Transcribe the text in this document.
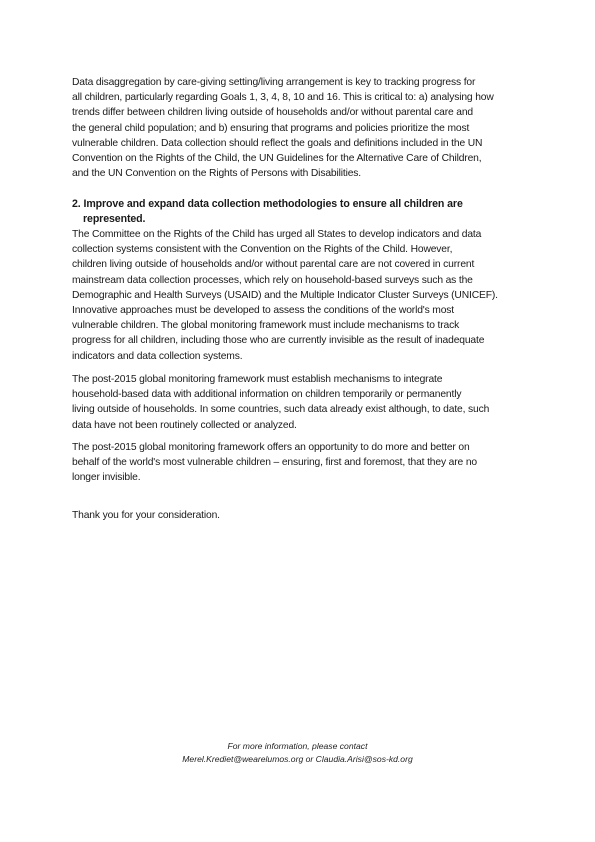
Data disaggregation by care-giving setting/living arrangement is key to tracking progress for
all children, particularly regarding Goals 1, 3, 4, 8, 10 and 16. This is critical to: a) analysing how
trends differ between children living outside of households and/or without parental care and
the general child population; and b) ensuring that programs and policies prioritize the most
vulnerable children. Data collection should reflect the goals and definitions included in the UN
Convention on the Rights of the Child, the UN Guidelines for the Alternative Care of Children,
and the UN Convention on the Rights of Persons with Disabilities.

2. Improve and expand data collection methodologies to ensure all children are
represented.

The Committee on the Rights of the Child has urged all States to develop indicators and data
collection systems consistent with the Convention on the Rights of the Child. However,
children living outside of households and/or without parental care are not covered in current
mainstream data collection processes, which rely on household-based surveys such as the
Demographic and Health Surveys (USAID) and the Multiple Indicator Cluster Surveys (UNICEF).
Innovative approaches must be developed to assess the conditions of the world's most
vulnerable children. The global monitoring framework must include mechanisms to track
progress for all children, including those who are currently invisible as the result of inadequate
indicators and data collection systems.

The post-2015 global monitoring framework must establish mechanisms to integrate
household-based data with additional information on children temporarily or permanently
living outside of households. In some countries, such data already exist although, to date, such
data have not been routinely collected or analyzed.

The post-2015 global monitoring framework offers an opportunity to do more and better on
behalf of the world's most vulnerable children – ensuring, first and foremost, that they are no
longer invisible.

Thank you for your consideration.

For more information, please contact
Merel.Krediet@wearelumos.org or Claudia.Arisi@sos-kd.org
